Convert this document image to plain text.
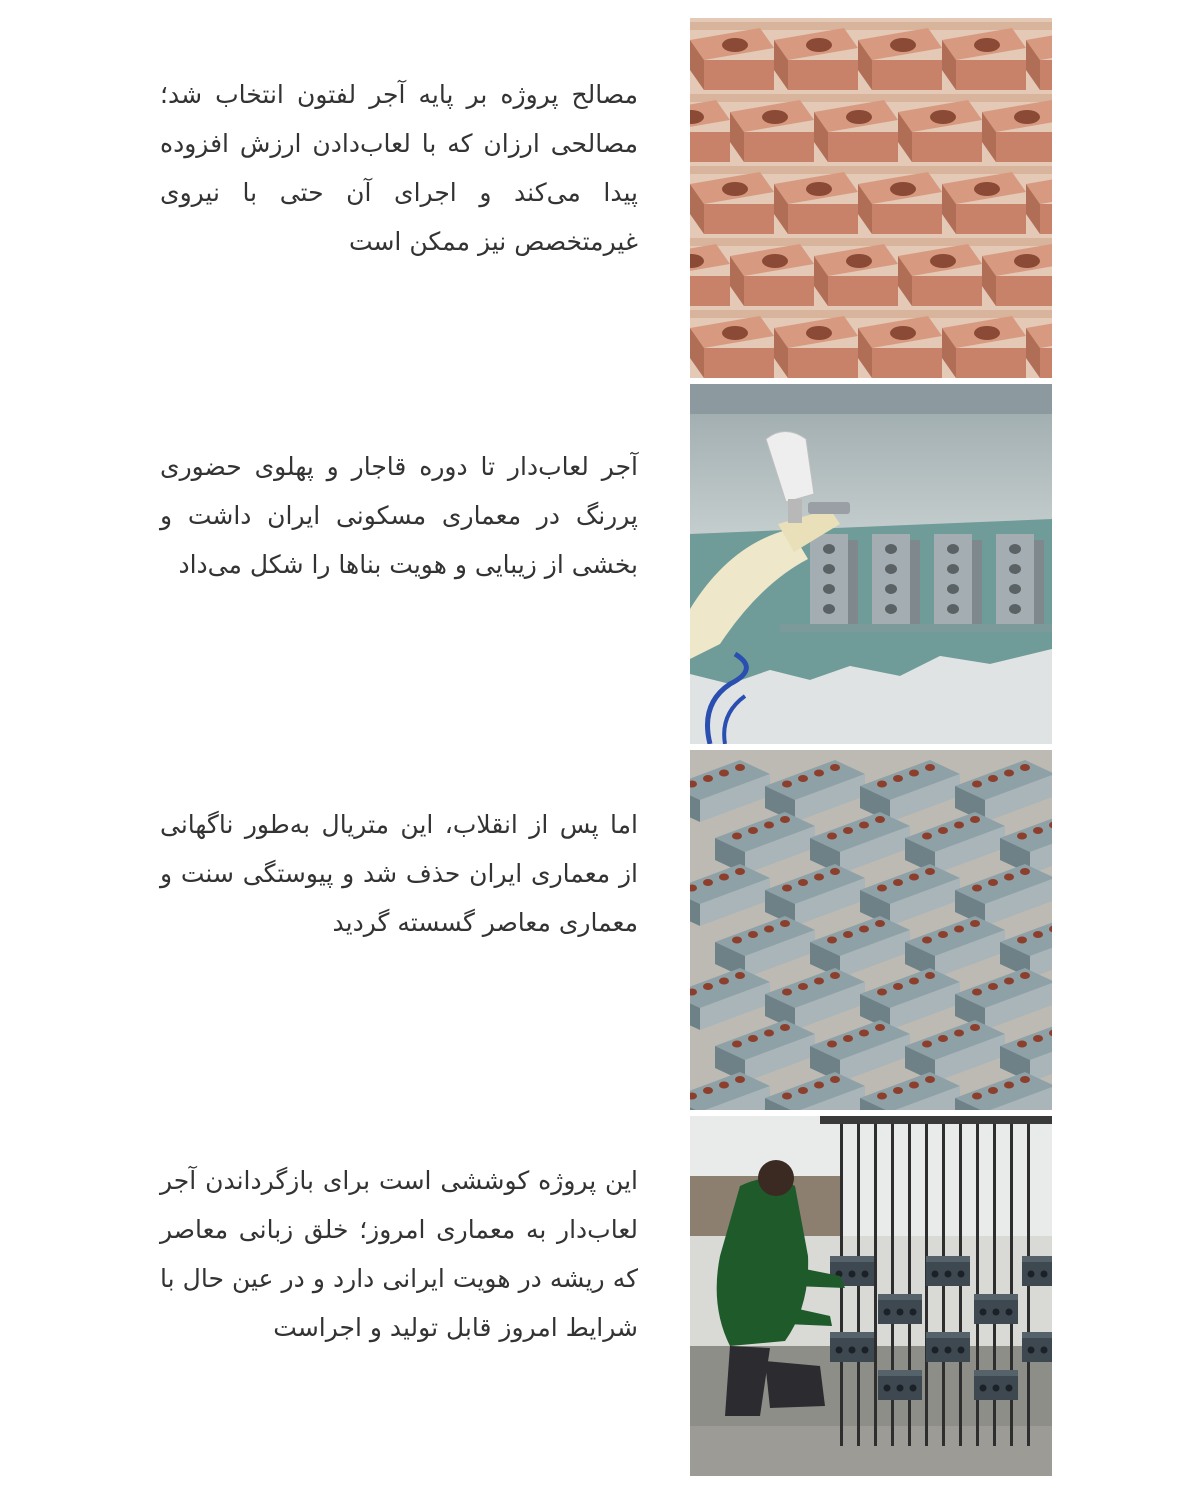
مصالح پروژه بر پایه آجر لفتون انتخاب شد؛ مصالحی ارزان که با لعاب‌دادن ارزش افزوده پیدا می‌کند و اجرای آن حتی با نیروی غیرمتخصص نیز ممکن است

آجر لعاب‌دار تا دوره قاجار و پهلوی حضوری پررنگ در معماری مسکونی ایران داشت و بخشی از زیبایی و هویت بناها را شکل می‌داد

اما پس از انقلاب، این متریال به‌طور ناگهانی از معماری ایران حذف شد و پیوستگی سنت و معماری معاصر گسسته گردید

این پروژه کوششی است برای بازگرداندن آجر لعاب‌دار به معماری امروز؛ خلق زبانی معاصر که ریشه در هویت ایرانی دارد و در عین حال با شرایط امروز قابل تولید و اجراست
